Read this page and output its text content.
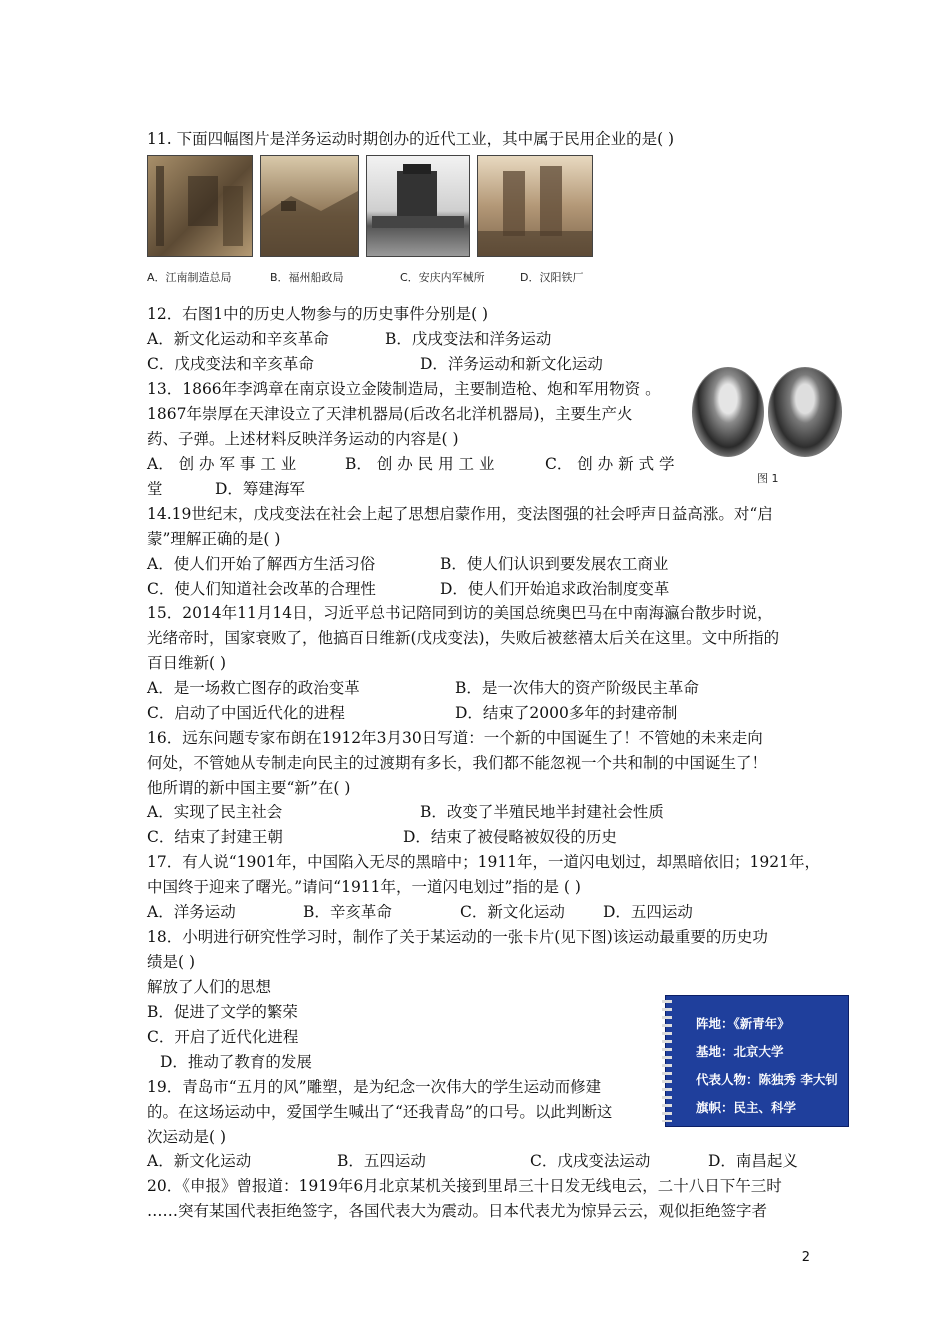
11. 下面四幅图片是洋务运动时期创办的近代工业，其中属于民用企业的是( )
A．江南制造总局	B．福州船政局	C．安庆内军械所	D．汉阳铁厂
12．右图1中的历史人物参与的历史事件分别是( )
A．新文化运动和辛亥革命	B．戊戌变法和洋务运动
C．戊戌变法和辛亥革命	D．洋务运动和新文化运动
图 1
13．1866年李鸿章在南京设立金陵制造局，主要制造枪、炮和军用物资 。
1867年崇厚在天津设立了天津机器局(后改名北洋机器局)，主要生产火
药、子弹。上述材料反映洋务运动的内容是( )
A． 创 办 军 事 工 业	B． 创 办 民 用 工 业	C． 创 办 新 式 学
堂	D．筹建海军
14.19世纪末，戊戌变法在社会上起了思想启蒙作用，变法图强的社会呼声日益高涨。对“启
蒙”理解正确的是( )
A．使人们开始了解西方生活习俗	B．使人们认识到要发展农工商业
C．使人们知道社会改革的合理性	D．使人们开始追求政治制度变革
15．2014年11月14日，习近平总书记陪同到访的美国总统奥巴马在中南海瀛台散步时说，
光绪帝时，国家衰败了，他搞百日维新(戊戌变法)，失败后被慈禧太后关在这里。文中所指的
百日维新( )
A．是一场救亡图存的政治变革	B．是一次伟大的资产阶级民主革命
C．启动了中国近代化的进程	D．结束了2000多年的封建帝制
16．远东问题专家布朗在1912年3月30日写道：一个新的中国诞生了！不管她的未来走向
何处，不管她从专制走向民主的过渡期有多长，我们都不能忽视一个共和制的中国诞生了！
他所谓的新中国主要“新”在( )
A．实现了民主社会	B．改变了半殖民地半封建社会性质
C．结束了封建王朝	D．结束了被侵略被奴役的历史
17．有人说“1901年，中国陷入无尽的黑暗中；1911年，一道闪电划过，却黑暗依旧；1921年，
中国终于迎来了曙光。”请问“1911年，一道闪电划过”指的是 ( )
A．洋务运动	B．辛亥革命	C．新文化运动 D．五四运动
18．小明进行研究性学习时，制作了关于某运动的一张卡片(见下图)该运动最重要的历史功
绩是( )
解放了人们的思想
B．促进了文学的繁荣
C．开启了近代化进程
D．推动了教育的发展
阵地：《新青年》
基地：北京大学
代表人物：陈独秀 李大钊
旗帜：民主、科学
19．青岛市“五月的风”雕塑，是为纪念一次伟大的学生运动而修建
的。在这场运动中，爱国学生喊出了“还我青岛”的口号。以此判断这
次运动是( )
A．新文化运动	B．五四运动	C．戊戌变法运动	D．南昌起义
20．《申报》曾报道：1919年6月北京某机关接到里昂三十日发无线电云，二十八日下午三时
……突有某国代表拒绝签字，各国代表大为震动。日本代表尤为惊异云云，观似拒绝签字者
2
